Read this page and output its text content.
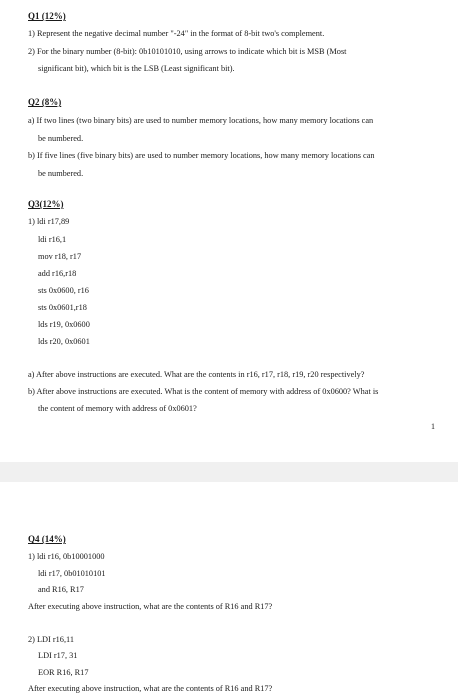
Q1 (12%)
1) Represent the negative decimal number "-24" in the format of 8-bit two's complement.
2) For the binary number (8-bit): 0b10101010, using arrows to indicate which bit is MSB (Most
significant bit), which bit is the LSB (Least significant bit).
Q2 (8%)
a) If two lines (two binary bits) are used to number memory locations, how many memory locations can
be numbered.
b) If five lines (five binary bits) are used to number memory locations, how many memory locations can
be numbered.
Q3(12%)
1) ldi r17,89
ldi r16,1
mov r18, r17
add r16,r18
sts 0x0600, r16
sts 0x0601,r18
lds r19, 0x0600
lds r20, 0x0601
a) After above instructions are executed. What are the contents in r16, r17, r18, r19, r20 respectively?
b) After above instructions are executed. What is the content of memory with address of 0x0600? What is
the content of memory with address of 0x0601?
1
Q4 (14%)
1) ldi r16, 0b10001000
ldi r17, 0b01010101
and R16, R17
After executing above instruction, what are the contents of R16 and R17?
2) LDI r16,11
LDI r17, 31
EOR R16, R17
After executing above instruction, what are the contents of R16 and R17?
